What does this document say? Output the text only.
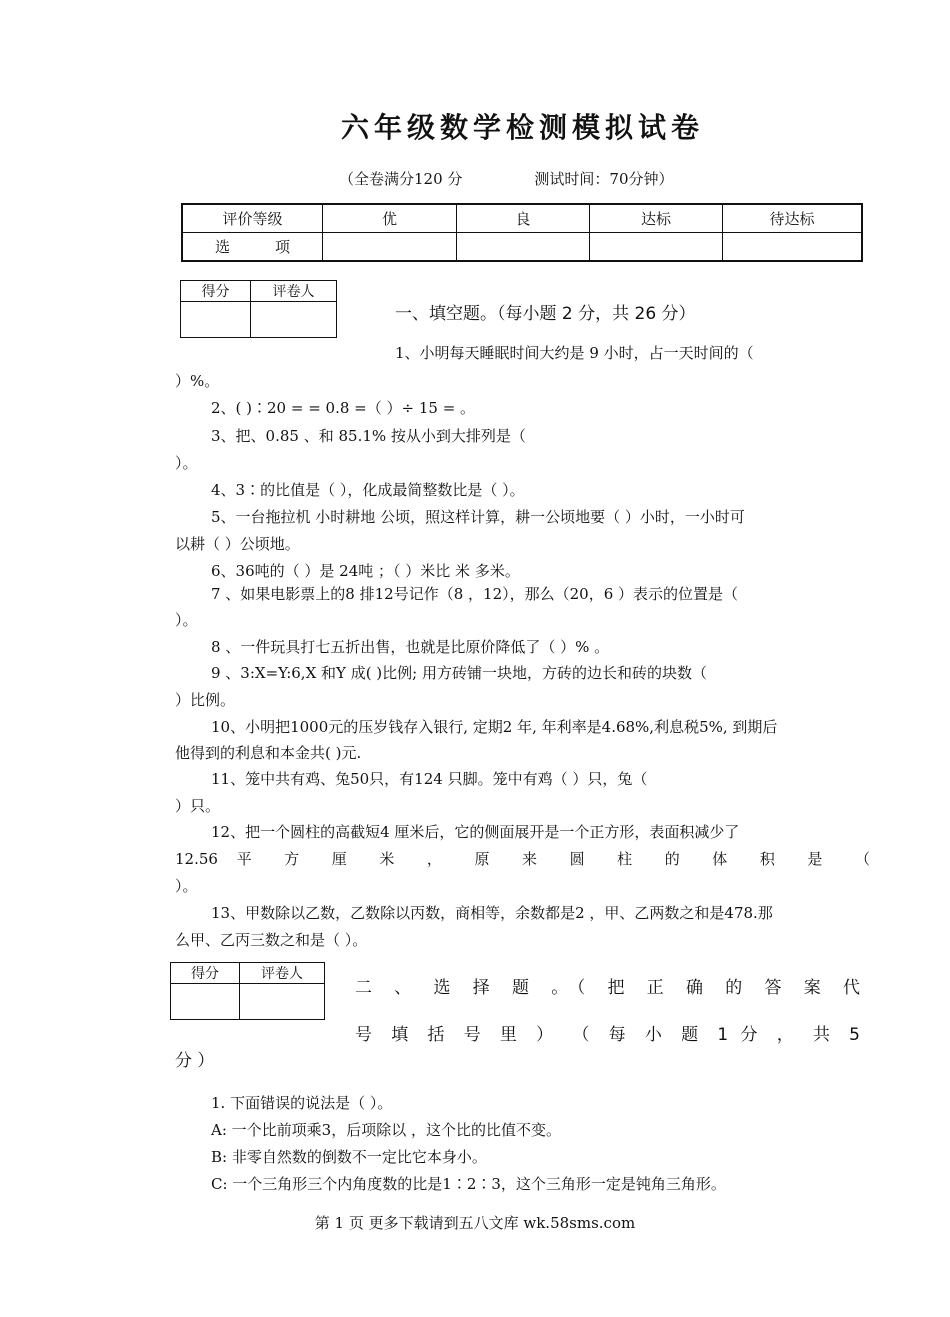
六年级数学检测模拟试卷
（全卷满分120 分	测试时间：70分钟）
评价等级	优	良	达标	待达标
选　　　项				
得分	评卷人

一、填空题。（每小题 2 分，共 26 分）
1、小明每天睡眠时间大约是 9 小时，占一天时间的（
）%。
2、( )∶20 = = 0.8 =（ ）÷ 15 = 。
3、把、0.85 、和 85.1% 按从小到大排列是（
）。
4、3∶的比值是（ ），化成最简整数比是（ ）。
5、一台拖拉机 小时耕地 公顷，照这样计算，耕一公顷地要（ ）小时，一小时可
以耕（ ）公顷地。
6、36吨的（ ）是 24吨 ；（ ）米比 米 多米。
7 、如果电影票上的8 排12号记作（8 ，12），那么（20，6 ）表示的位置是（
）。
8 、一件玩具打七五折出售，也就是比原价降低了（ ）% 。
9 、3:X=Y:6,X 和Y 成( )比例; 用方砖铺一块地，方砖的边长和砖的块数（
）比例。
10、小明把1000元的压岁钱存入银行, 定期2 年, 年利率是4.68%,利息税5%, 到期后
他得到的利息和本金共( )元.
11、笼中共有鸡、兔50只，有124 只脚。笼中有鸡（ ）只，兔（
）只。
12、把一个圆柱的高截短4 厘米后，它的侧面展开是一个正方形，表面积减少了
12.56 平 方 厘 米 ， 原 来 圆 柱 的 体 积 是 （
）。
13、甲数除以乙数，乙数除以丙数，商相等，余数都是2 ，甲、乙两数之和是478.那
么甲、乙丙三数之和是（ ）。
得分	评卷人

二 、 选 择 题 。（ 把 正 确 的 答 案 代
号 填 括 号 里 ） （ 每 小 题 1 分 ， 共 5
分 ）
1. 下面错误的说法是（ ）。
A: 一个比前项乘3，后项除以 ，这个比的比值不变。
B: 非零自然数的倒数不一定比它本身小。
C: 一个三角形三个内角度数的比是1∶2∶3，这个三角形一定是钝角三角形。
第 1 页 更多下载请到五八文库 wk.58sms.com
